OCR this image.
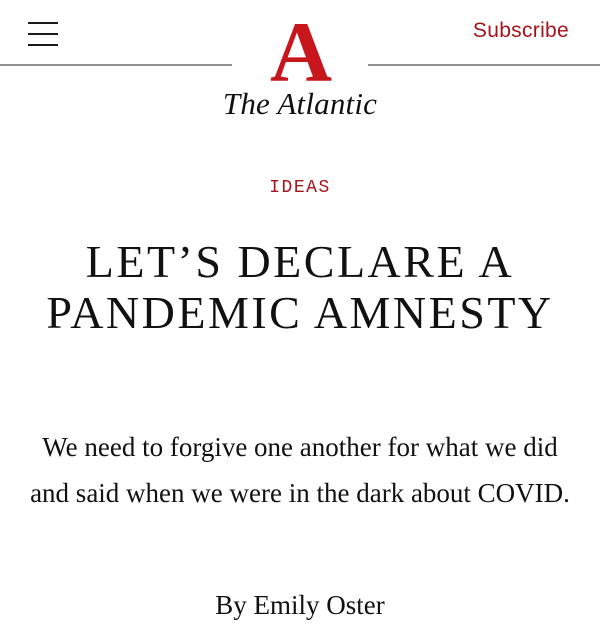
A
The Atlantic
Subscribe
IDEAS
LET’S DECLARE A PANDEMIC AMNESTY

We need to forgive one another for what we did and said when we were in the dark about COVID.

By Emily Oster
